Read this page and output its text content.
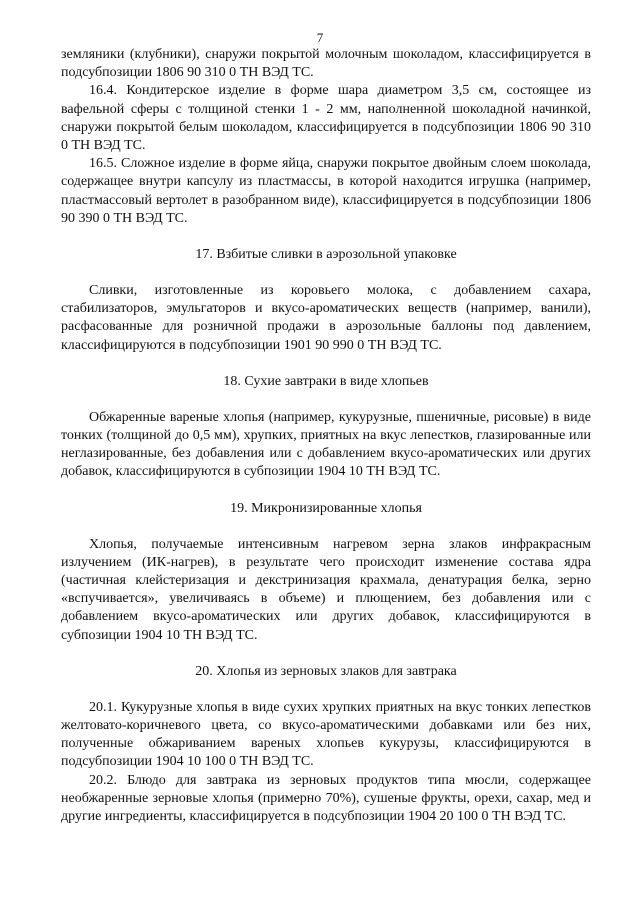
7

земляники (клубники), снаружи покрытой молочным шоколадом, классифицируется в подсубпозиции 1806 90 310 0 ТН ВЭД ТС.

16.4. Кондитерское изделие в форме шара диаметром 3,5 см, состоящее из вафельной сферы с толщиной стенки 1 - 2 мм, наполненной шоколадной начинкой, снаружи покрытой белым шоколадом, классифицируется в подсубпозиции 1806 90 310 0 ТН ВЭД ТС.

16.5. Сложное изделие в форме яйца, снаружи покрытое двойным слоем шоколада, содержащее внутри капсулу из пластмассы, в которой находится игрушка (например, пластмассовый вертолет в разобранном виде), классифицируется в подсубпозиции 1806 90 390 0 ТН ВЭД ТС.

17. Взбитые сливки в аэрозольной упаковке

Сливки, изготовленные из коровьего молока, с добавлением сахара, стабилизаторов, эмульгаторов и вкусо-ароматических веществ (например, ванили), расфасованные для розничной продажи в аэрозольные баллоны под давлением, классифицируются в подсубпозиции 1901 90 990 0 ТН ВЭД ТС.

18. Сухие завтраки в виде хлопьев

Обжаренные вареные хлопья (например, кукурузные, пшеничные, рисовые) в виде тонких (толщиной до 0,5 мм), хрупких, приятных на вкус лепестков, глазированные или неглазированные, без добавления или с добавлением вкусо-ароматических или других добавок, классифицируются в субпозиции 1904 10 ТН ВЭД ТС.

19. Микронизированные хлопья

Хлопья, получаемые интенсивным нагревом зерна злаков инфракрасным излучением (ИК-нагрев), в результате чего происходит изменение состава ядра (частичная клейстеризация и декстринизация крахмала, денатурация белка, зерно «вспучивается», увеличиваясь в объеме) и плющением, без добавления или с добавлением вкусо-ароматических или других добавок, классифицируются в субпозиции 1904 10 ТН ВЭД ТС.

20. Хлопья из зерновых злаков для завтрака

20.1. Кукурузные хлопья в виде сухих хрупких приятных на вкус тонких лепестков желтовато-коричневого цвета, со вкусо-ароматическими добавками или без них, полученные обжариванием вареных хлопьев кукурузы, классифицируются в подсубпозиции 1904 10 100 0 ТН ВЭД ТС.

20.2. Блюдо для завтрака из зерновых продуктов типа мюсли, содержащее необжаренные зерновые хлопья (примерно 70%), сушеные фрукты, орехи, сахар, мед и другие ингредиенты, классифицируется в подсубпозиции 1904 20 100 0 ТН ВЭД ТС.
